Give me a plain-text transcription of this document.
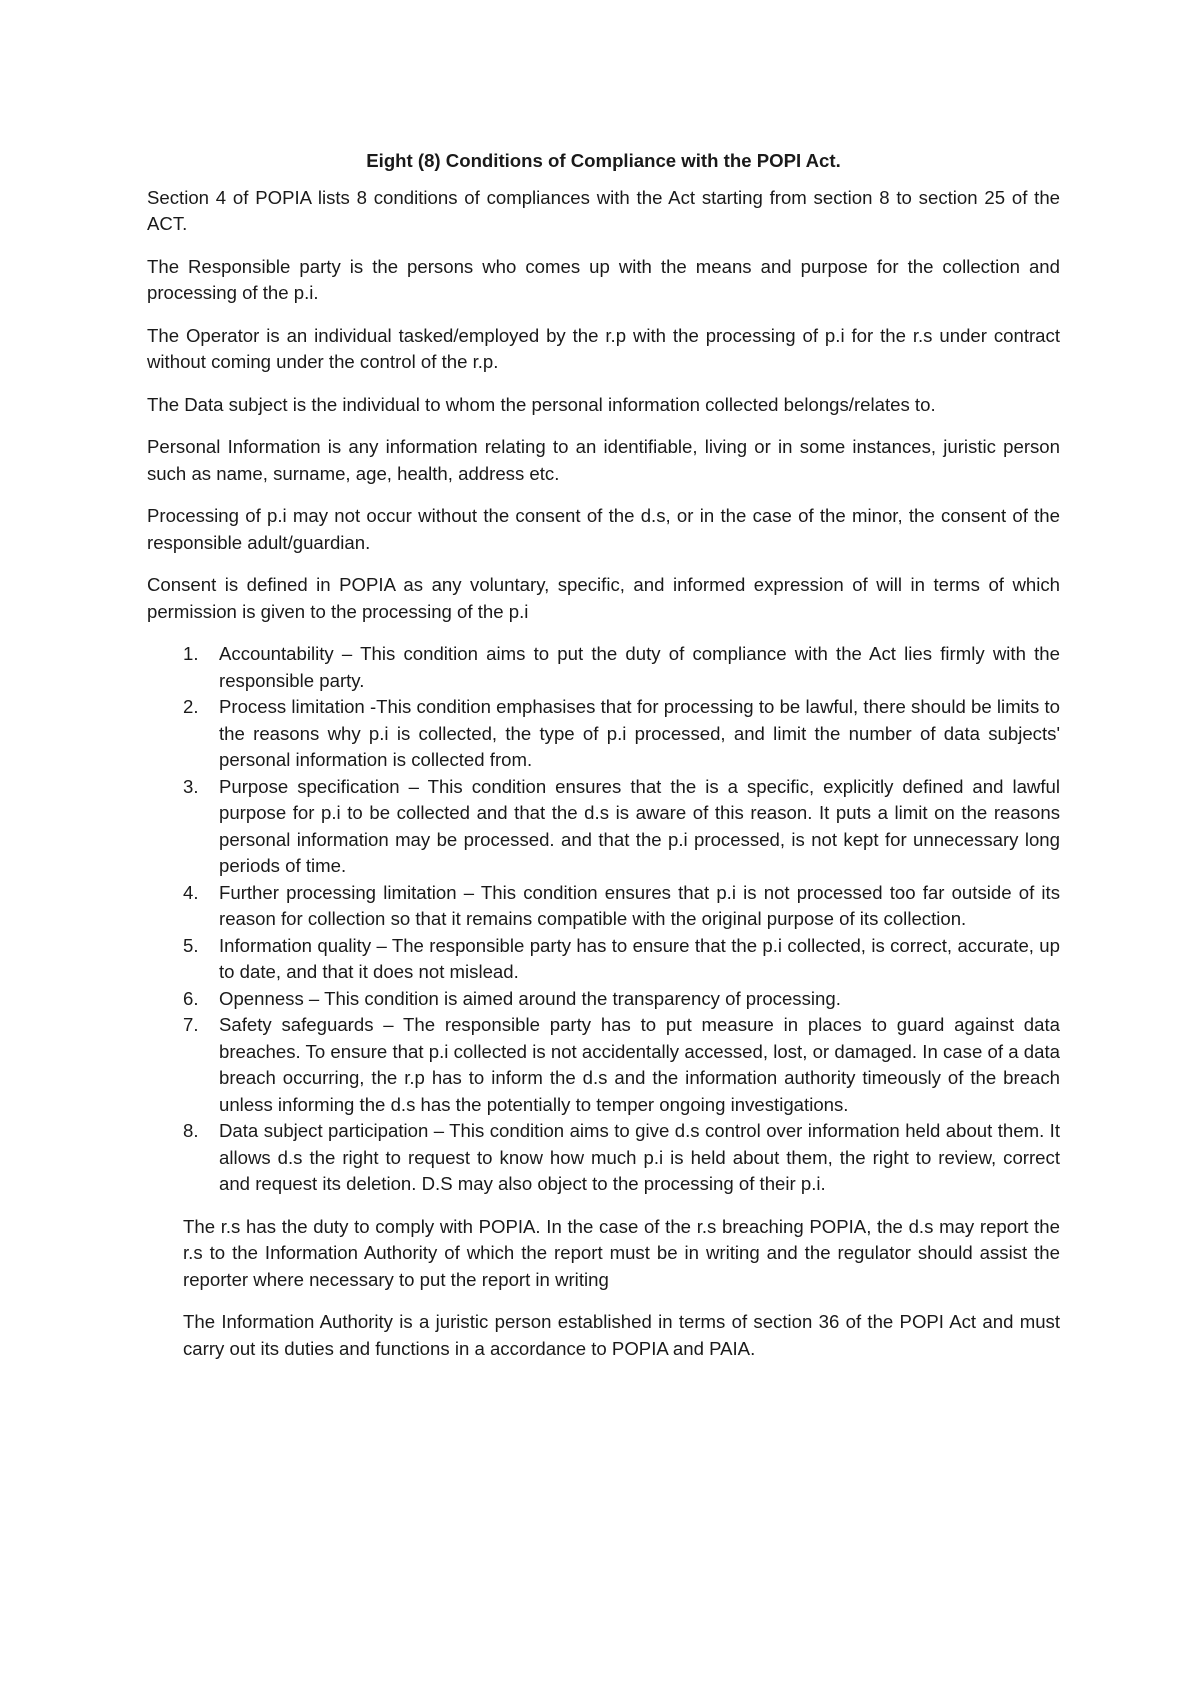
Eight (8) Conditions of Compliance with the POPI Act.

Section 4 of POPIA lists 8 conditions of compliances with the Act starting from section 8 to section 25 of the ACT.

The Responsible party is the persons who comes up with the means and purpose for the collection and processing of the p.i.

The Operator is an individual tasked/employed by the r.p with the processing of p.i for the r.s under contract without coming under the control of the r.p.

The Data subject is the individual to whom the personal information collected belongs/relates to.

Personal Information is any information relating to an identifiable, living or in some instances, juristic person such as name, surname, age, health, address etc.

Processing of p.i may not occur without the consent of the d.s, or in the case of the minor, the consent of the responsible adult/guardian.

Consent is defined in POPIA as any voluntary, specific, and informed expression of will in terms of which permission is given to the processing of the p.i

1. Accountability – This condition aims to put the duty of compliance with the Act lies firmly with the responsible party.
2. Process limitation -This condition emphasises that for processing to be lawful, there should be limits to the reasons why p.i is collected, the type of p.i processed, and limit the number of data subjects' personal information is collected from.
3. Purpose specification – This condition ensures that the is a specific, explicitly defined and lawful purpose for p.i to be collected and that the d.s is aware of this reason. It puts a limit on the reasons personal information may be processed. and that the p.i processed, is not kept for unnecessary long periods of time.
4. Further processing limitation – This condition ensures that p.i is not processed too far outside of its reason for collection so that it remains compatible with the original purpose of its collection.
5. Information quality – The responsible party has to ensure that the p.i collected, is correct, accurate, up to date, and that it does not mislead.
6. Openness – This condition is aimed around the transparency of processing.
7. Safety safeguards – The responsible party has to put measure in places to guard against data breaches. To ensure that p.i collected is not accidentally accessed, lost, or damaged. In case of a data breach occurring, the r.p has to inform the d.s and the information authority timeously of the breach unless informing the d.s has the potentially to temper ongoing investigations.
8. Data subject participation – This condition aims to give d.s control over information held about them. It allows d.s the right to request to know how much p.i is held about them, the right to review, correct and request its deletion. D.S may also object to the processing of their p.i.

The r.s has the duty to comply with POPIA. In the case of the r.s breaching POPIA, the d.s may report the r.s to the Information Authority of which the report must be in writing and the regulator should assist the reporter where necessary to put the report in writing

The Information Authority is a juristic person established in terms of section 36 of the POPI Act and must carry out its duties and functions in a accordance to POPIA and PAIA.
